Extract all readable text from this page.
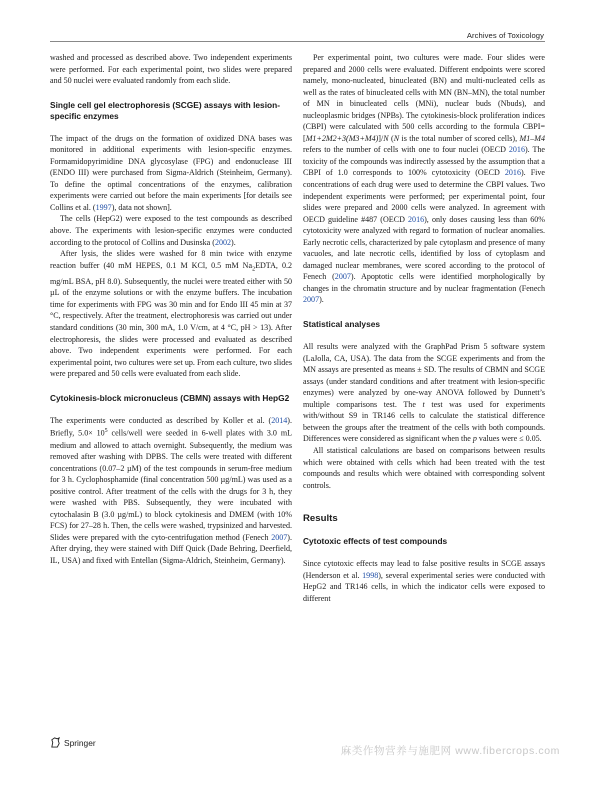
Archives of Toxicology

washed and processed as described above. Two independent experiments were performed. For each experimental point, two slides were prepared and 50 nuclei were evaluated randomly from each slide.

Single cell gel electrophoresis (SCGE) assays with lesion-specific enzymes

The impact of the drugs on the formation of oxidized DNA bases was monitored in additional experiments with lesion-specific enzymes. Formamidopyrimidine DNA glycosylase (FPG) and endonuclease III (ENDO III) were purchased from Sigma-Aldrich (Steinheim, Germany). To define the optimal concentrations of the enzymes, calibration experiments were carried out before the main experiments [for details see Collins et al. (1997), data not shown].

The cells (HepG2) were exposed to the test compounds as described above. The experiments with lesion-specific enzymes were conducted according to the protocol of Collins and Dusinska (2002).

After lysis, the slides were washed for 8 min twice with enzyme reaction buffer (40 mM HEPES, 0.1 M KCl, 0.5 mM $Na_2EDTA$, 0.2 mg/mL BSA, pH 8.0). Subsequently, the nuclei were treated either with 50 µL of the enzyme solutions or with the enzyme buffers. The incubation time for experiments with FPG was 30 min and for Endo III 45 min at 37 °C, respectively. After the treatment, electrophoresis was carried out under standard conditions (30 min, 300 mA, 1.0 V/cm, at 4 °C, pH > 13). After electrophoresis, the slides were processed and evaluated as described above. Two independent experiments were performed. For each experimental point, two cultures were set up. From each culture, two slides were prepared and 50 cells were evaluated from each slide.

Cytokinesis-block micronucleus (CBMN) assays with HepG2

The experiments were conducted as described by Koller et al. (2014). Briefly, $5.0\times 10^5$ cells/well were seeded in 6-well plates with 3.0 mL medium and allowed to attach overnight. Subsequently, the medium was removed after washing with DPBS. The cells were treated with different concentrations (0.07–2 µM) of the test compounds in serum-free medium for 3 h. Cyclophosphamide (final concentration 500 µg/mL) was used as a positive control. After treatment of the cells with the drugs for 3 h, they were washed with PBS. Subsequently, they were incubated with cytochalasin B (3.0 µg/mL) to block cytokinesis and DMEM (with 10% FCS) for 27–28 h. Then, the cells were washed, trypsinized and harvested. Slides were prepared with the cyto-centrifugation method (Fenech 2007). After drying, they were stained with Diff Quick (Dade Behring, Deerfield, IL, USA) and fixed with Entellan (Sigma-Aldrich, Steinheim, Germany).

Per experimental point, two cultures were made. Four slides were prepared and 2000 cells were evaluated. Different endpoints were scored namely, mono-nucleated, binucleated (BN) and multi-nucleated cells as well as the rates of binucleated cells with MN (BN–MN), the total number of MN in binucleated cells (MNi), nuclear buds (Nbuds), and nucleoplasmic bridges (NPBs). The cytokinesis-block proliferation indices (CBPI) were calculated with 500 cells according to the formula CBPI= [M1+2M2+3(M3+M4)]/N (N is the total number of scored cells), M1–M4 refers to the number of cells with one to four nuclei (OECD 2016). The toxicity of the compounds was indirectly assessed by the assumption that a CBPI of 1.0 corresponds to 100% cytotoxicity (OECD 2016). Five concentrations of each drug were used to determine the CBPI values. Two independent experiments were performed; per experimental point, four slides were prepared and 2000 cells were analyzed. In agreement with OECD guideline #487 (OECD 2016), only doses causing less than 60% cytotoxicity were analyzed with regard to formation of nuclear anomalies. Early necrotic cells, characterized by pale cytoplasm and presence of many vacuoles, and late necrotic cells, identified by loss of cytoplasm and damaged nuclear membranes, were scored according to the protocol of Fenech (2007). Apoptotic cells were identified morphologically by changes in the chromatin structure and by nuclear fragmentation (Fenech 2007).

Statistical analyses

All results were analyzed with the GraphPad Prism 5 software system (LaJolla, CA, USA). The data from the SCGE experiments and from the MN assays are presented as means ± SD. The results of CBMN and SCGE assays (under standard conditions and after treatment with lesion-specific enzymes) were analyzed by one-way ANOVA followed by Dunnett’s multiple comparisons test. The t test was used for experiments with/without S9 in TR146 cells to calculate the statistical difference between the groups after the treatment of the cells with both compounds. Differences were considered as significant when the p values were ≤ 0.05.

All statistical calculations are based on comparisons between results which were obtained with cells which had been treated with the test compounds and results which were obtained with corresponding solvent controls.

Results
Cytotoxic effects of test compounds

Since cytotoxic effects may lead to false positive results in SCGE assays (Henderson et al. 1998), several experimental series were conducted with HepG2 and TR146 cells, in which the indicator cells were exposed to different

Springer
麻类作物营养与施肥网 www.fibercrops.com
